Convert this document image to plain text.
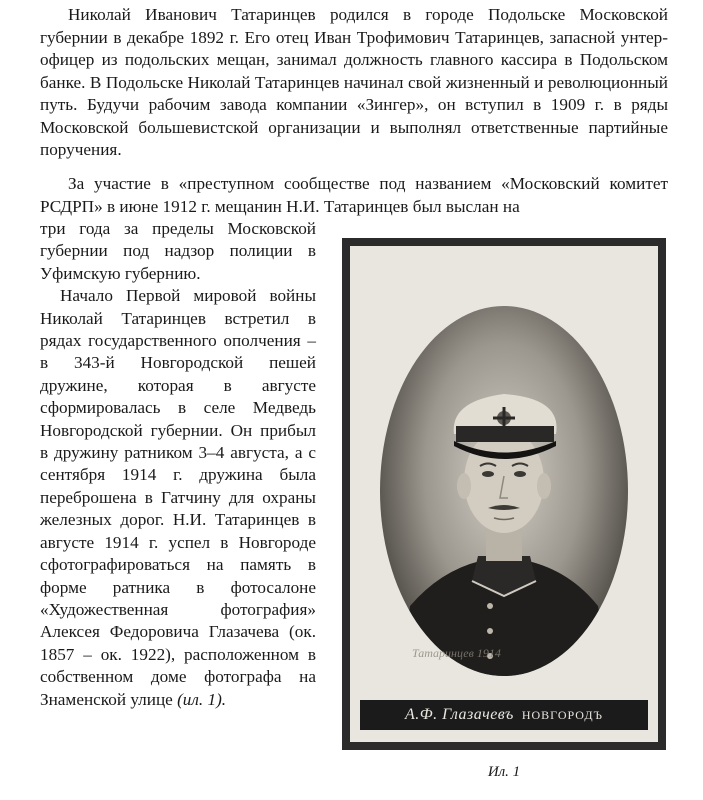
Николай Иванович Татаринцев родился в городе Подольске Московской губернии в декабре 1892 г. Его отец Иван Трофимович Татаринцев, запасной унтер-офицер из подольских мещан, занимал должность главного кассира в Подольском банке. В Подольске Николай Татаринцев начинал свой жизненный и революционный путь. Будучи рабочим завода компании «Зингер», он вступил в 1909 г. в ряды Московской большевистской организации и выполнял ответственные партийные поручения.

За участие в «преступном сообществе под названием «Московский комитет РСДРП» в июне 1912 г. мещанин Н.И. Татаринцев был выслан на

три года за пределы Московской губернии под надзор полиции в Уфимскую губернию.

Начало Первой мировой войны Николай Татаринцев встретил в рядах государственного ополчения – в 343-й Новгородской пешей дружине, которая в августе сформировалась в селе Медведь Новгородской губернии. Он прибыл в дружину ратником 3–4 августа, а с сентября 1914 г. дружина была переброшена в Гатчину для охраны железных дорог. Н.И. Татаринцев в августе 1914 г. успел в Новгороде сфотографироваться на память в форме ратника в фотосалоне «Художественная фотография» Алексея Федоровича Глазачева (ок. 1857 – ок. 1922), расположенном в собственном доме фотографа на Знаменской улице (ил. 1).

Татаринцев 1914
А.Ф. Глазачевъ НОВГОРОДЪ
Ил. 1
